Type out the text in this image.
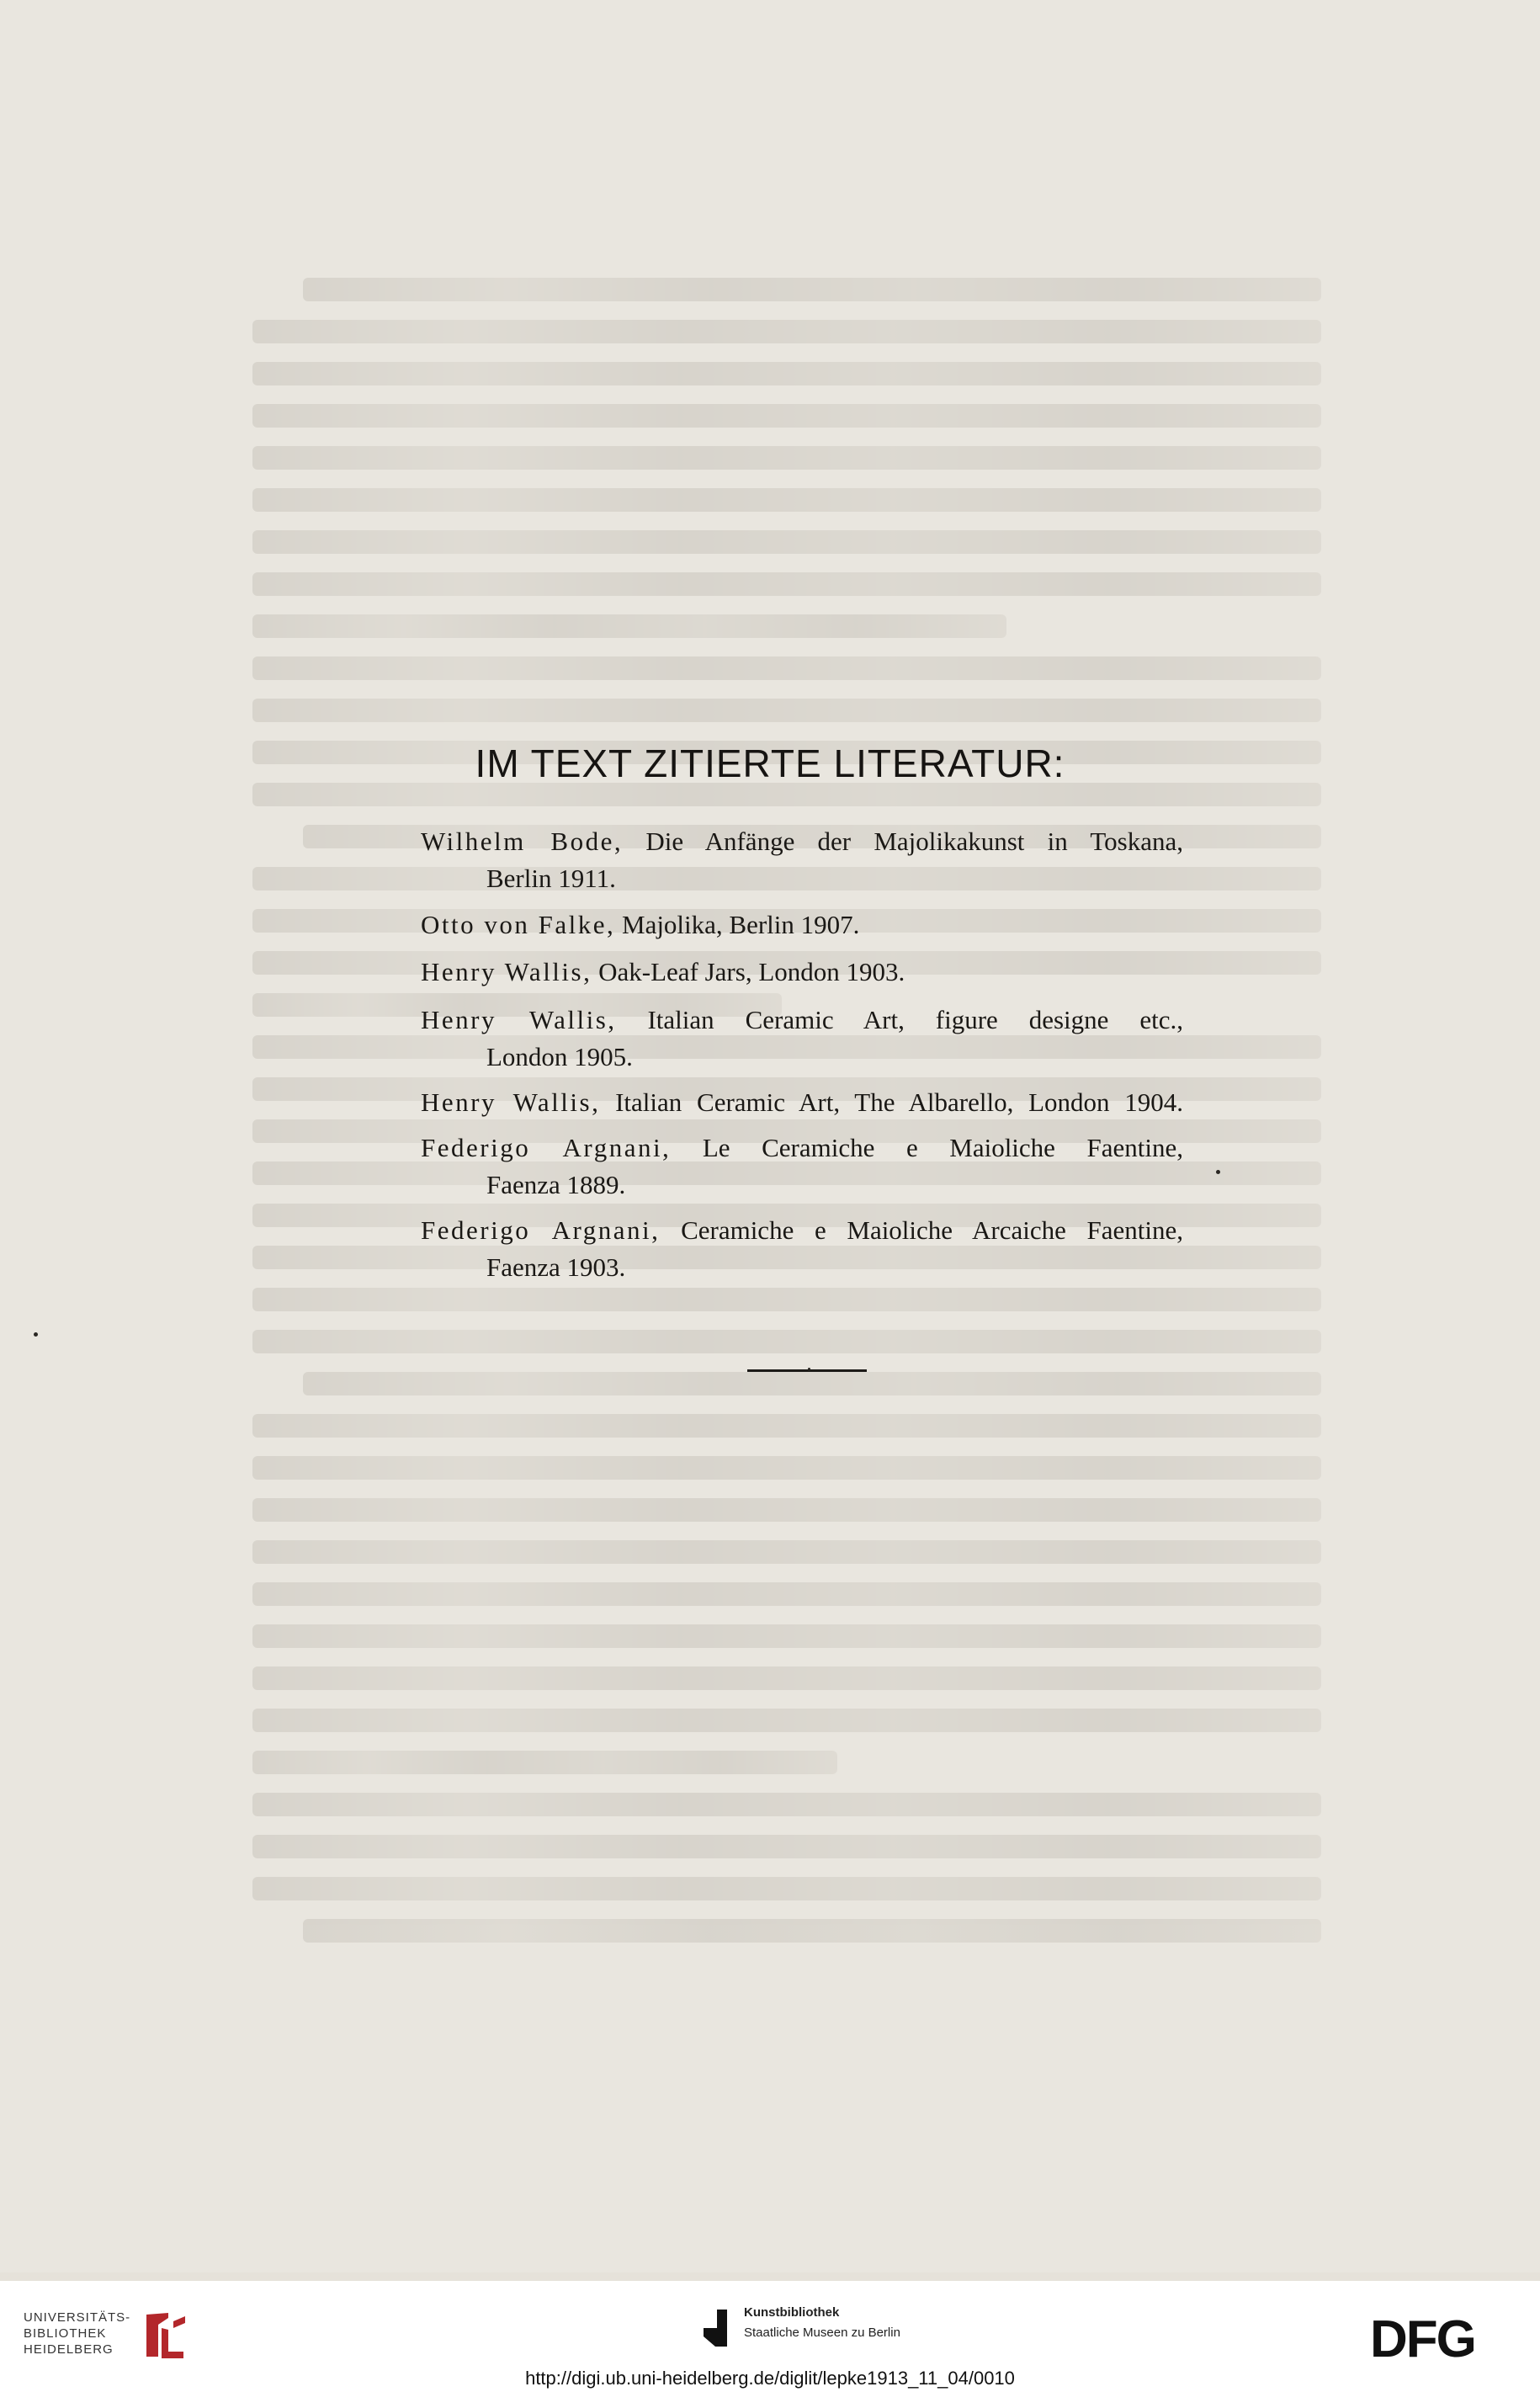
IM TEXT ZITIERTE LITERATUR:
Wilhelm Bode, Die Anfänge der Majolikakunst in Toskana,
Berlin 1911.
Otto von Falke, Majolika, Berlin 1907.
Henry Wallis, Oak-Leaf Jars, London 1903.
Henry Wallis, Italian Ceramic Art, figure designe etc.,
London 1905.
Henry Wallis, Italian Ceramic Art, The Albarello, London 1904.
Federigo Argnani, Le Ceramiche e Maioliche Faentine,
Faenza 1889.
Federigo Argnani, Ceramiche e Maioliche Arcaiche Faentine,
Faenza 1903.
UNIVERSITÄTS-
BIBLIOTHEK
HEIDELBERG
Kunstbibliothek
Staatliche Museen zu Berlin	DFG
http://digi.ub.uni-heidelberg.de/diglit/lepke1913_11_04/0010
